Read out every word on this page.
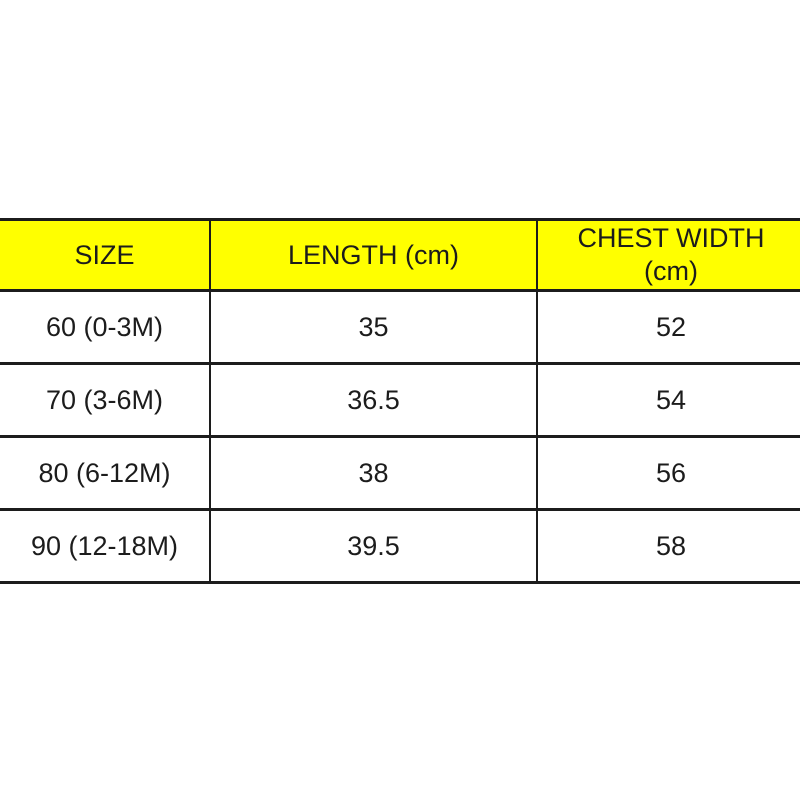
SIZE	LENGTH (cm)	CHEST WIDTH
(cm)

60 (0-3M)	35	52
70 (3-6M)	36.5	54
80 (6-12M)	38	56
90 (12-18M)	39.5	58
